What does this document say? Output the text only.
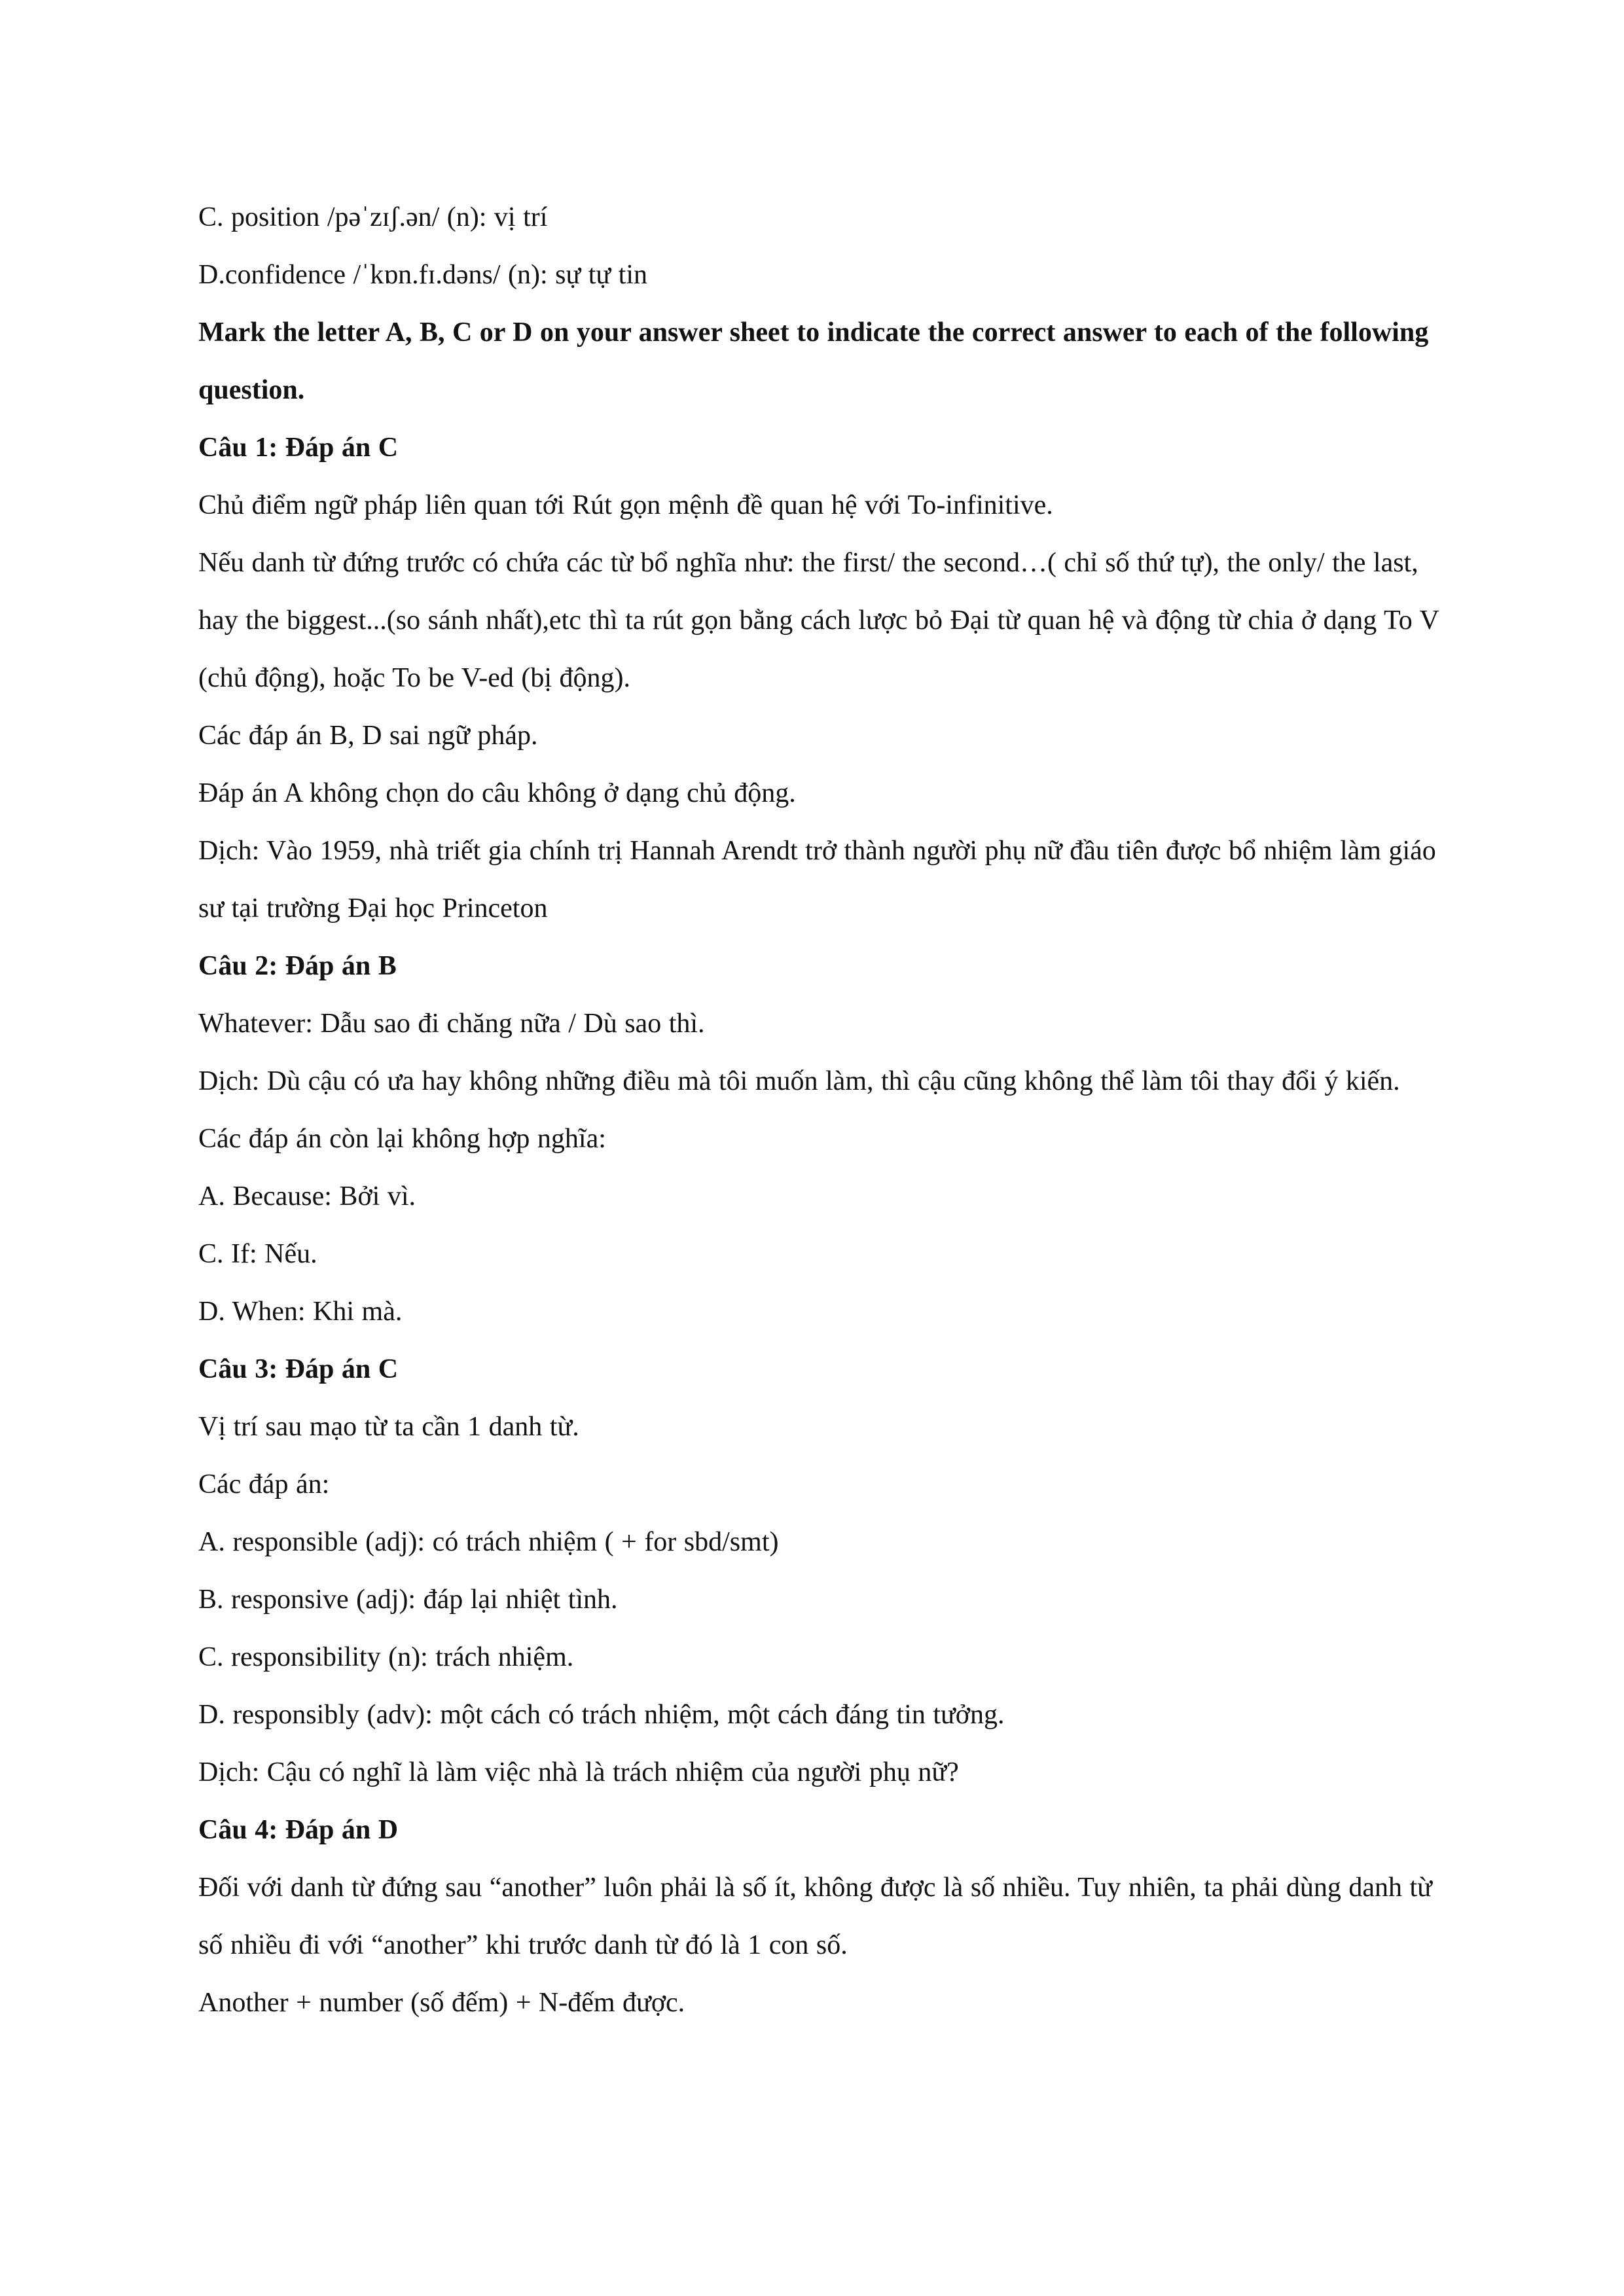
C. position /pəˈzɪʃ.ən/ (n): vị trí

D.confidence /ˈkɒn.fɪ.dəns/ (n): sự tự tin

Mark the letter A, B, C or D on your answer sheet to indicate the correct answer to each of the following question.

Câu 1: Đáp án C

Chủ điểm ngữ pháp liên quan tới Rút gọn mệnh đề quan hệ với To-infinitive.

Nếu danh từ đứng trước có chứa các từ bổ nghĩa như: the first/ the second…( chỉ số thứ tự), the only/ the last, hay the biggest...(so sánh nhất),etc thì ta rút gọn bằng cách lược bỏ Đại từ quan hệ và động từ chia ở dạng To V (chủ động), hoặc To be V-ed (bị động).

Các đáp án B, D sai ngữ pháp.

Đáp án A không chọn do câu không ở dạng chủ động.

Dịch: Vào 1959, nhà triết gia chính trị Hannah Arendt trở thành người phụ nữ đầu tiên được bổ nhiệm làm giáo sư tại trường Đại học Princeton

Câu 2: Đáp án B

Whatever: Dẫu sao đi chăng nữa / Dù sao thì.

Dịch: Dù cậu có ưa hay không những điều mà tôi muốn làm, thì cậu cũng không thể làm tôi thay đổi ý kiến.

Các đáp án còn lại không hợp nghĩa:

A. Because: Bởi vì.

C. If: Nếu.

D. When: Khi mà.

Câu 3: Đáp án C

Vị trí sau mạo từ ta cần 1 danh từ.

Các đáp án:

A. responsible (adj): có trách nhiệm ( + for sbd/smt)

B. responsive (adj): đáp lại nhiệt tình.

C. responsibility (n): trách nhiệm.

D. responsibly (adv): một cách có trách nhiệm, một cách đáng tin tưởng.

Dịch: Cậu có nghĩ là làm việc nhà là trách nhiệm của người phụ nữ?

Câu 4: Đáp án D

Đối với danh từ đứng sau “another” luôn phải là số ít, không được là số nhiều. Tuy nhiên, ta phải dùng danh từ số nhiều đi với “another” khi trước danh từ đó là 1 con số.

Another + number (số đếm) + N-đếm được.
